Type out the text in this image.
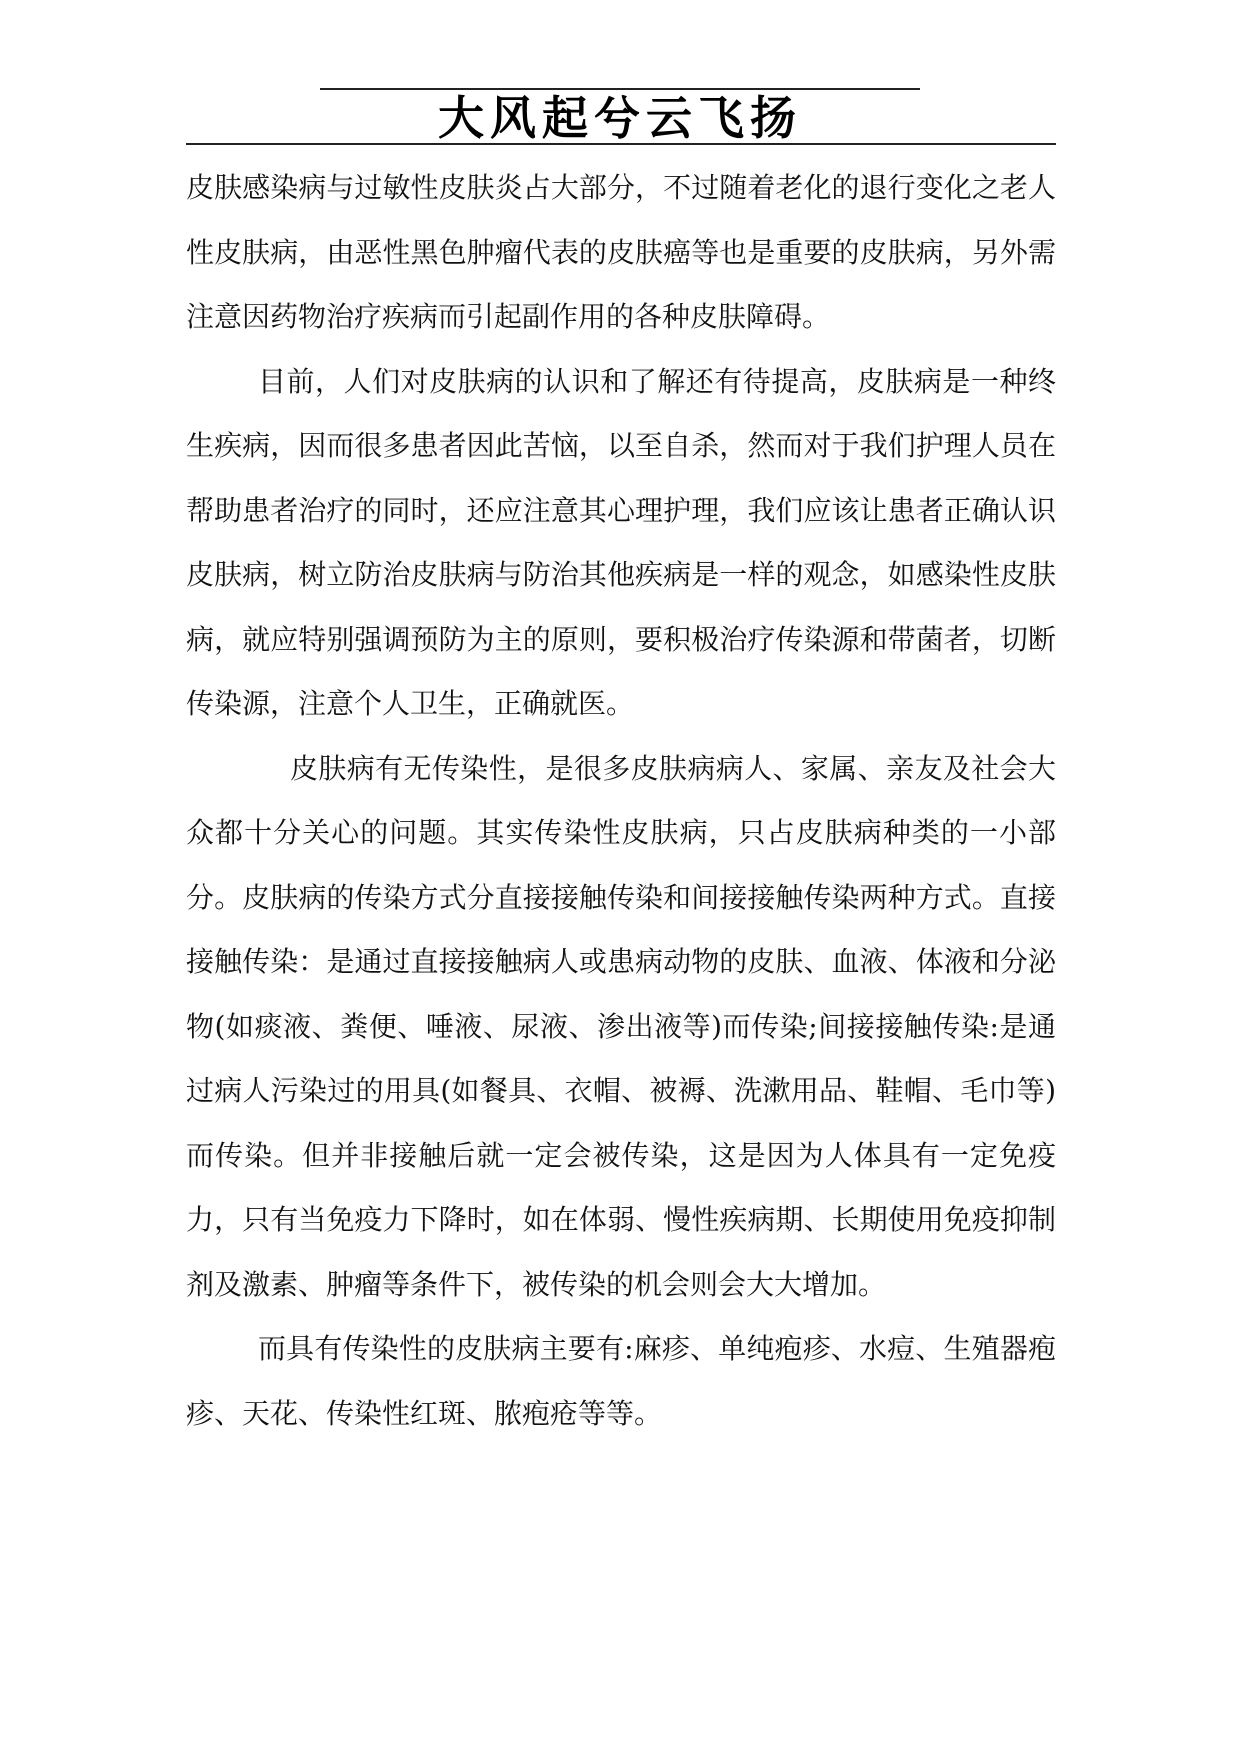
大风起兮云飞扬

皮肤感染病与过敏性皮肤炎占大部分，不过随着老化的退行变化之老人性皮肤病，由恶性黑色肿瘤代表的皮肤癌等也是重要的皮肤病，另外需注意因药物治疗疾病而引起副作用的各种皮肤障碍。

目前，人们对皮肤病的认识和了解还有待提高，皮肤病是一种终生疾病，因而很多患者因此苦恼，以至自杀，然而对于我们护理人员在帮助患者治疗的同时，还应注意其心理护理，我们应该让患者正确认识皮肤病，树立防治皮肤病与防治其他疾病是一样的观念，如感染性皮肤病，就应特别强调预防为主的原则，要积极治疗传染源和带菌者，切断传染源，注意个人卫生，正确就医。

皮肤病有无传染性，是很多皮肤病病人、家属、亲友及社会大众都十分关心的问题。其实传染性皮肤病，只占皮肤病种类的一小部分。皮肤病的传染方式分直接接触传染和间接接触传染两种方式。直接接触传染：是通过直接接触病人或患病动物的皮肤、血液、体液和分泌物(如痰液、粪便、唾液、尿液、渗出液等)而传染;间接接触传染:是通过病人污染过的用具(如餐具、衣帽、被褥、洗漱用品、鞋帽、毛巾等)而传染。但并非接触后就一定会被传染，这是因为人体具有一定免疫力，只有当免疫力下降时，如在体弱、慢性疾病期、长期使用免疫抑制剂及激素、肿瘤等条件下，被传染的机会则会大大增加。

而具有传染性的皮肤病主要有:麻疹、单纯疱疹、水痘、生殖器疱疹、天花、传染性红斑、脓疱疮等等。
